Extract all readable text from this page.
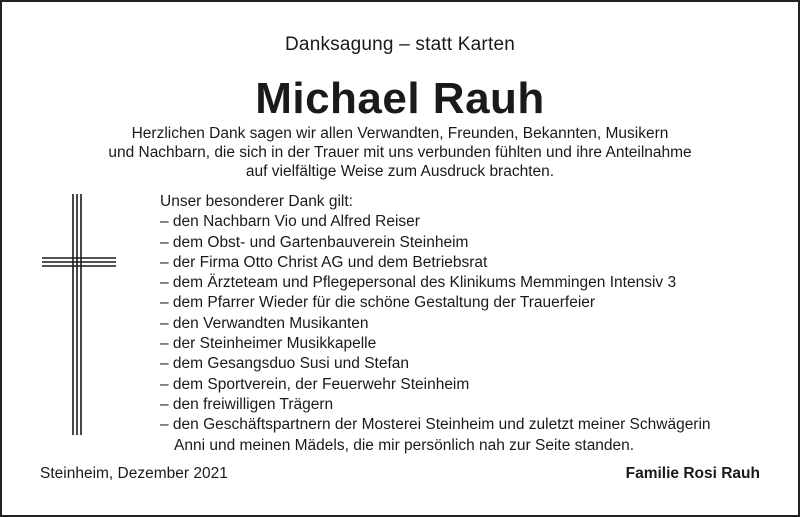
Danksagung – statt Karten
Michael Rauh
Herzlichen Dank sagen wir allen Verwandten, Freunden, Bekannten, Musikern
und Nachbarn, die sich in der Trauer mit uns verbunden fühlten und ihre Anteilnahme
auf vielfältige Weise zum Ausdruck brachten.
Unser besonderer Dank gilt:
– den Nachbarn Vio und Alfred Reiser
– dem Obst- und Gartenbauverein Steinheim
– der Firma Otto Christ AG und dem Betriebsrat
– dem Ärzteteam und Pflegepersonal des Klinikums Memmingen Intensiv 3
– dem Pfarrer Wieder für die schöne Gestaltung der Trauerfeier
– den Verwandten Musikanten
– der Steinheimer Musikkapelle
– dem Gesangsduo Susi und Stefan
– dem Sportverein, der Feuerwehr Steinheim
– den freiwilligen Trägern
– den Geschäftspartnern der Mosterei Steinheim und zuletzt meiner Schwägerin
Anni und meinen Mädels, die mir persönlich nah zur Seite standen.
Steinheim, Dezember 2021	Familie Rosi Rauh
